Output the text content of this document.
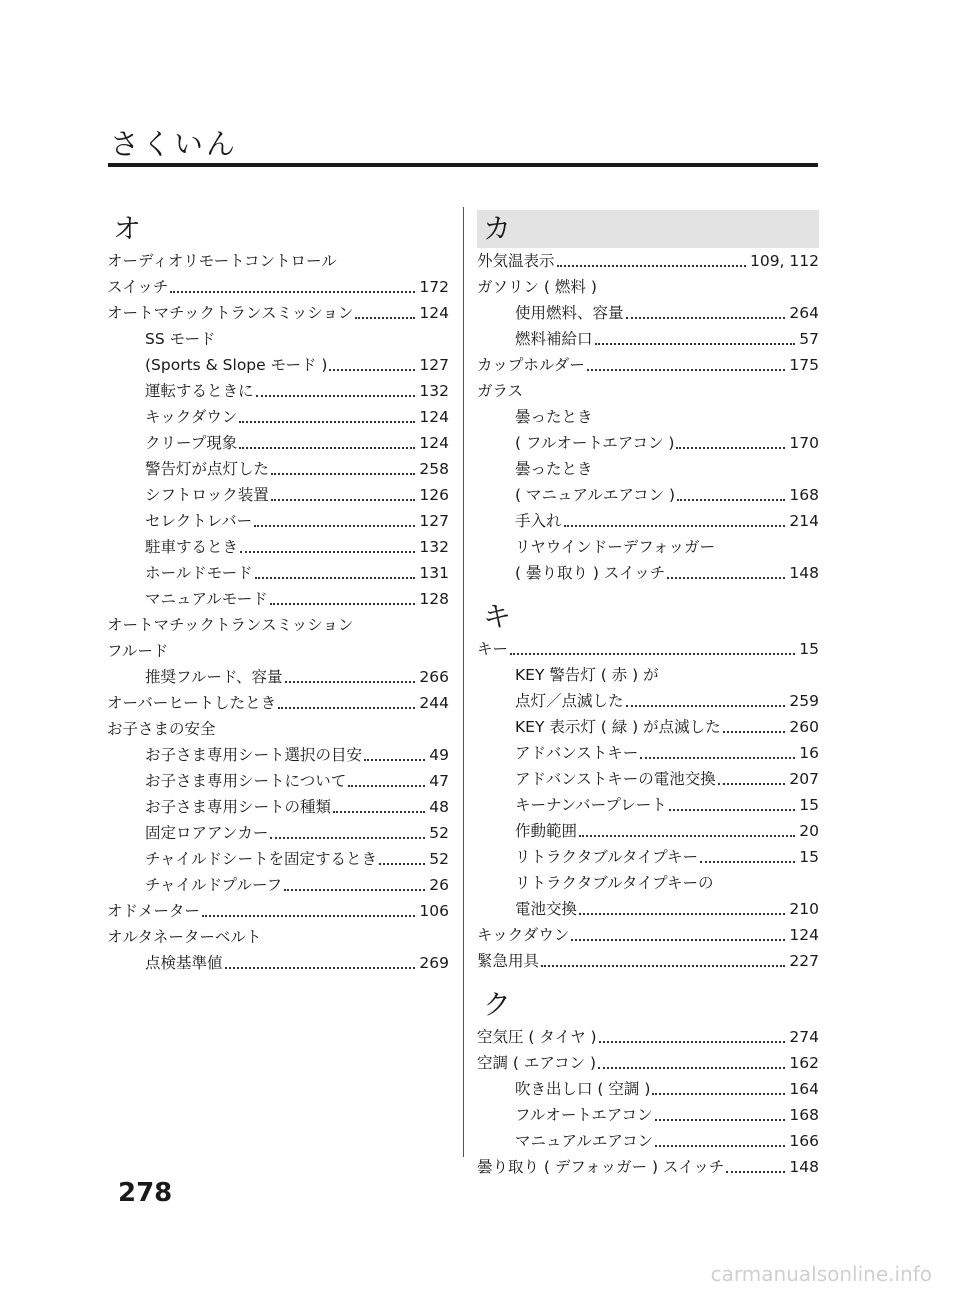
さくいん
オ
オーディオリモートコントロール
スイッチ	172
オートマチックトランスミッション	124
SS モード
(Sports & Slope モード )	127
運転するときに	132
キックダウン	124
クリープ現象	124
警告灯が点灯した	258
シフトロック装置	126
セレクトレバー	127
駐車するとき	132
ホールドモード	131
マニュアルモード	128
オートマチックトランスミッション
フルード
推奨フルード、容量	266
オーバーヒートしたとき	244
お子さまの安全
お子さま専用シート選択の目安	49
お子さま専用シートについて	47
お子さま専用シートの種類	48
固定ロアアンカー	52
チャイルドシートを固定するとき	52
チャイルドプルーフ	26
オドメーター	106
オルタネーターベルト
点検基準値	269
カ
外気温表示	109, 112
ガソリン ( 燃料 )
使用燃料、容量	264
燃料補給口	57
カップホルダー	175
ガラス
曇ったとき
( フルオートエアコン )	170
曇ったとき
( マニュアルエアコン )	168
手入れ	214
リヤウインドーデフォッガー
( 曇り取り ) スイッチ	148
キ
キー	15
KEY 警告灯 ( 赤 ) が
点灯／点滅した	259
KEY 表示灯 ( 緑 ) が点滅した	260
アドバンストキー	16
アドバンストキーの電池交換	207
キーナンバープレート	15
作動範囲	20
リトラクタブルタイプキー	15
リトラクタブルタイプキーの
電池交換	210
キックダウン	124
緊急用具	227
ク
空気圧 ( タイヤ )	274
空調 ( エアコン )	162
吹き出し口 ( 空調 )	164
フルオートエアコン	168
マニュアルエアコン	166
曇り取り ( デフォッガー ) スイッチ	148

278

carmanualsonline.info
